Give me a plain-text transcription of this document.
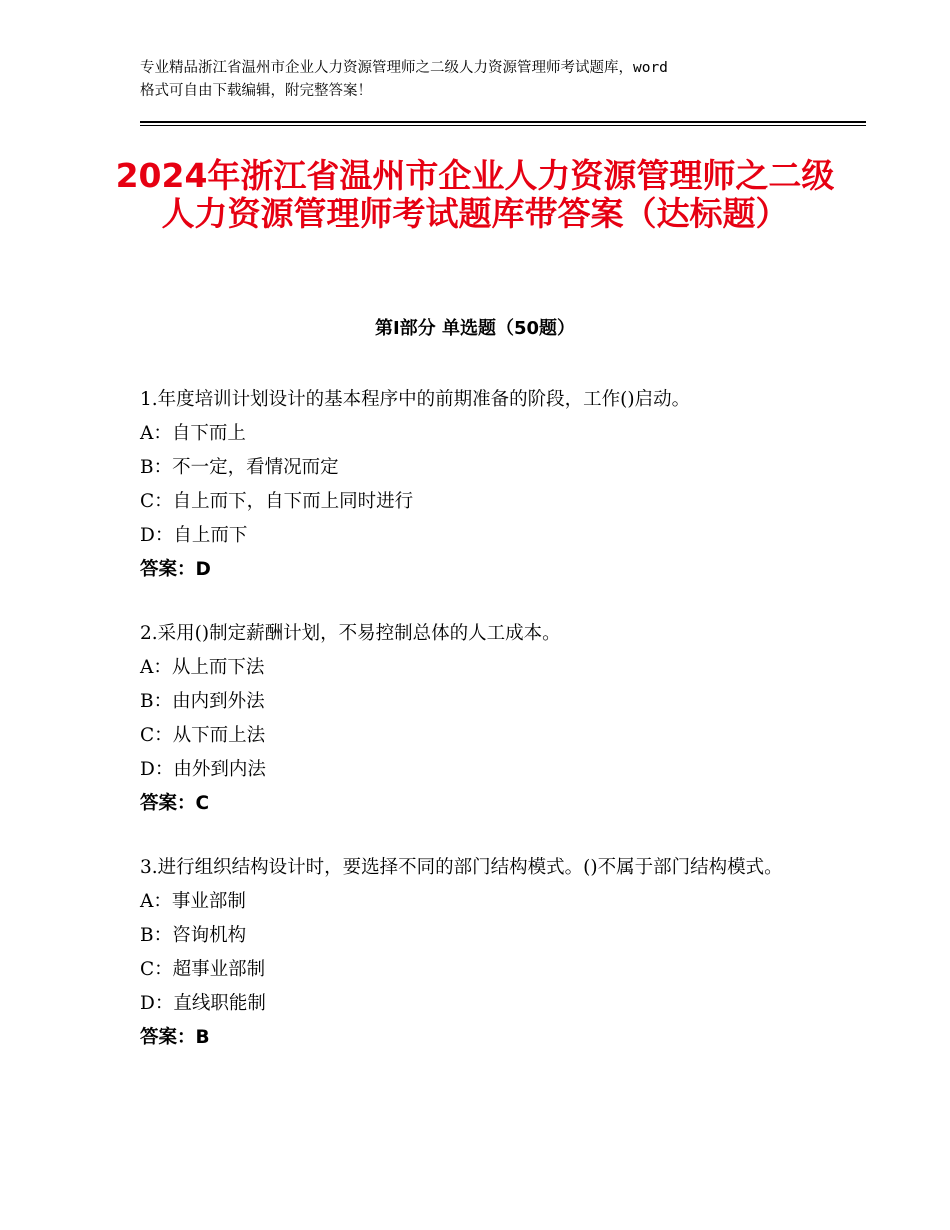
专业精品浙江省温州市企业人力资源管理师之二级人力资源管理师考试题库，word

格式可自由下载编辑，附完整答案！

2024年浙江省温州市企业人力资源管理师之二级人力资源管理师考试题库带答案（达标题）
第Ⅰ部分 单选题（50题）

1.年度培训计划设计的基本程序中的前期准备的阶段，工作()启动。

A：自下而上

B：不一定，看情况而定

C：自上而下，自下而上同时进行

D：自上而下

答案：D

2.采用()制定薪酬计划，不易控制总体的人工成本。

A：从上而下法

B：由内到外法

C：从下而上法

D：由外到内法

答案：C

3.进行组织结构设计时，要选择不同的部门结构模式。()不属于部门结构模式。

A：事业部制

B：咨询机构

C：超事业部制

D：直线职能制

答案：B
